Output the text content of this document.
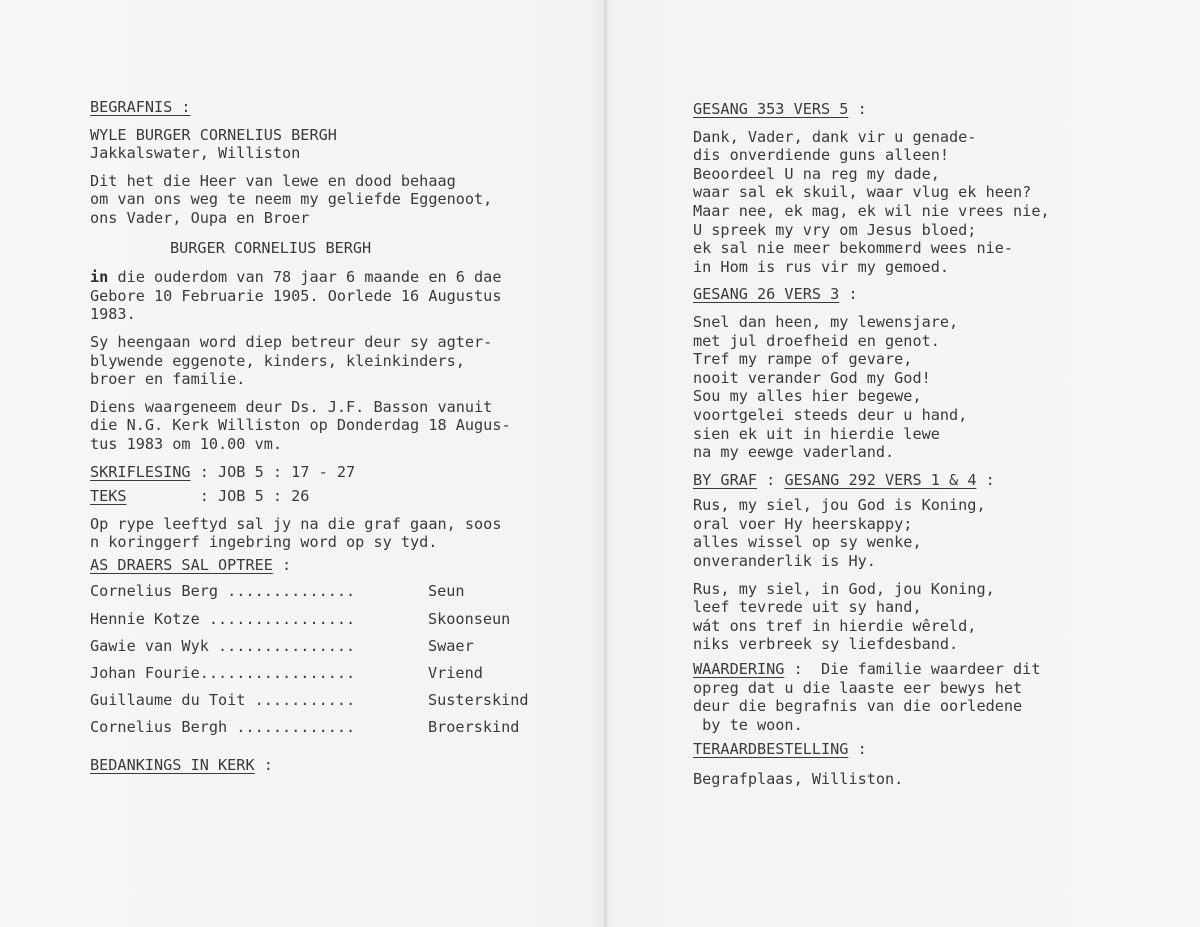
BEGRAFNIS :
WYLE BURGER CORNELIUS BERGH
Jakkalswater, Williston
Dit het die Heer van lewe en dood behaag
om van ons weg te neem my geliefde Eggenoot,
ons Vader, Oupa en Broer
BURGER CORNELIUS BERGH
in die ouderdom van 78 jaar 6 maande en 6 dae
Gebore 10 Februarie 1905. Oorlede 16 Augustus
1983.
Sy heengaan word diep betreur deur sy agter-
blywende eggenote, kinders, kleinkinders,
broer en familie.
Diens waargeneem deur Ds. J.F. Basson vanuit
die N.G. Kerk Williston op Donderdag 18 Augus-
tus 1983 om 10.00 vm.
SKRIFLESING : JOB 5 : 17 - 27
TEKS        : JOB 5 : 26
Op rype leeftyd sal jy na die graf gaan, soos
n koringgerf ingebring word op sy tyd.
AS DRAERS SAL OPTREE :
Cornelius Berg ..............	Seun
Hennie Kotze ................	Skoonseun
Gawie van Wyk ...............	Swaer
Johan Fourie.................	Vriend
Guillaume du Toit ...........	Susterskind
Cornelius Bergh .............	Broerskind
BEDANKINGS IN KERK :
GESANG 353 VERS 5 :
Dank, Vader, dank vir u genade-
dis onverdiende guns alleen!
Beoordeel U na reg my dade,
waar sal ek skuil, waar vlug ek heen?
Maar nee, ek mag, ek wil nie vrees nie,
U spreek my vry om Jesus bloed;
ek sal nie meer bekommerd wees nie-
in Hom is rus vir my gemoed.
GESANG 26 VERS 3 :
Snel dan heen, my lewensjare,
met jul droefheid en genot.
Tref my rampe of gevare,
nooit verander God my God!
Sou my alles hier begewe,
voortgelei steeds deur u hand,
sien ek uit in hierdie lewe
na my eewge vaderland.
BY GRAF : GESANG 292 VERS 1 & 4 :
Rus, my siel, jou God is Koning,
oral voer Hy heerskappy;
alles wissel op sy wenke,
onveranderlik is Hy.
Rus, my siel, in God, jou Koning,
leef tevrede uit sy hand,
wát ons tref in hierdie wêreld,
niks verbreek sy liefdesband.
WAARDERING :  Die familie waardeer dit
opreg dat u die laaste eer bewys het
deur die begrafnis van die oorledene
by te woon.
TERAARDBESTELLING :
Begrafplaas, Williston.
